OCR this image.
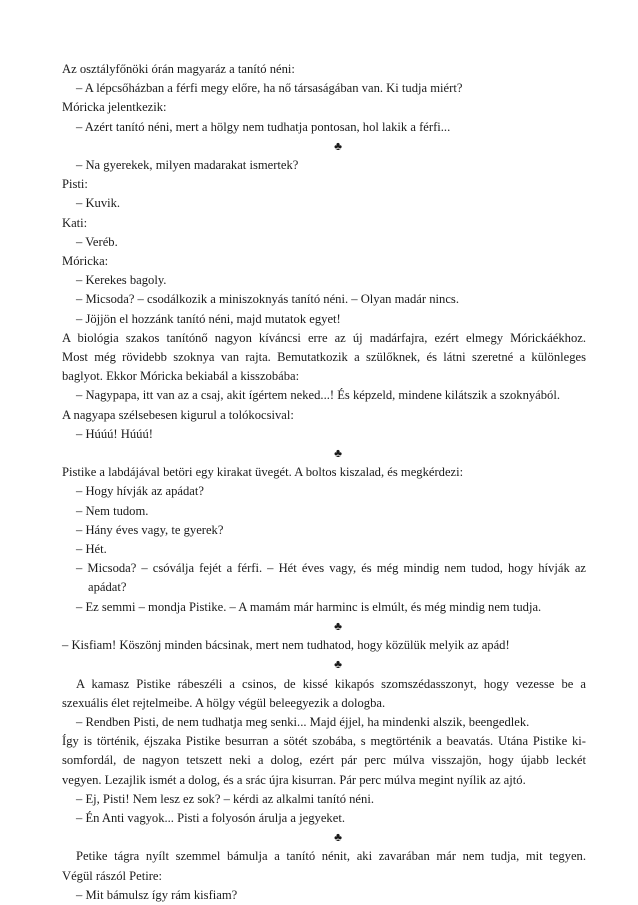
Az osztályfőnöki órán magyaráz a tanító néni:

– A lépcsőházban a férfi megy előre, ha nő társaságában van. Ki tudja miért?

Móricka jelentkezik:

– Azért tanító néni, mert a hölgy nem tudhatja pontosan, hol lakik a férfi...

♣

– Na gyerekek, milyen madarakat ismertek?

Pisti:

– Kuvik.

Kati:

– Veréb.

Móricka:

– Kerekes bagoly.

– Micsoda? – csodálkozik a miniszoknyás tanító néni. – Olyan madár nincs.

– Jöjjön el hozzánk tanító néni, majd mutatok egyet!

A biológia szakos tanítónő nagyon kíváncsi erre az új madárfajra, ezért elmegy Mórickáékhoz.

Most még rövidebb szoknya van rajta. Bemutatkozik a szülőknek, és látni szeretné a különleges

baglyot. Ekkor Móricka bekiabál a kisszobába:

– Nagypapa, itt van az a csaj, akit ígértem neked...! És képzeld, mindene kilátszik a szoknyából.

A nagyapa szélsebesen kigurul a tolókocsival:

– Húúú! Húúú!

♣

Pistike a labdájával betöri egy kirakat üvegét. A boltos kiszalad, és megkérdezi:

– Hogy hívják az apádat?

– Nem tudom.

– Hány éves vagy, te gyerek?

– Hét.

– Micsoda? – csóválja fejét a férfi. – Hét éves vagy, és még mindig nem tudod, hogy hívják az

apádat?

– Ez semmi – mondja Pistike. – A mamám már harminc is elmúlt, és még mindig nem tudja.

♣

– Kisfiam! Köszönj minden bácsinak, mert nem tudhatod, hogy közülük melyik az apád!

♣

A kamasz Pistike rábeszéli a csinos, de kissé kikapós szomszédasszonyt, hogy vezesse be a

szexuális élet rejtelmeibe. A hölgy végül beleegyezik a dologba.

– Rendben Pisti, de nem tudhatja meg senki... Majd éjjel, ha mindenki alszik, beengedlek.

Így is történik, éjszaka Pistike besurran a sötét szobába, s megtörténik a beavatás. Utána Pistike ki-

somfordál, de nagyon tetszett neki a dolog, ezért pár perc múlva visszajön, hogy újabb leckét

vegyen. Lezajlik ismét a dolog, és a srác újra kisurran. Pár perc múlva megint nyílik az ajtó.

– Ej, Pisti! Nem lesz ez sok? – kérdi az alkalmi tanító néni.

– Én Anti vagyok... Pisti a folyosón árulja a jegyeket.

♣

Petike tágra nyílt szemmel bámulja a tanító nénit, aki zavarában már nem tudja, mit tegyen.

Végül rászól Petire:

– Mit bámulsz így rám kisfiam?
